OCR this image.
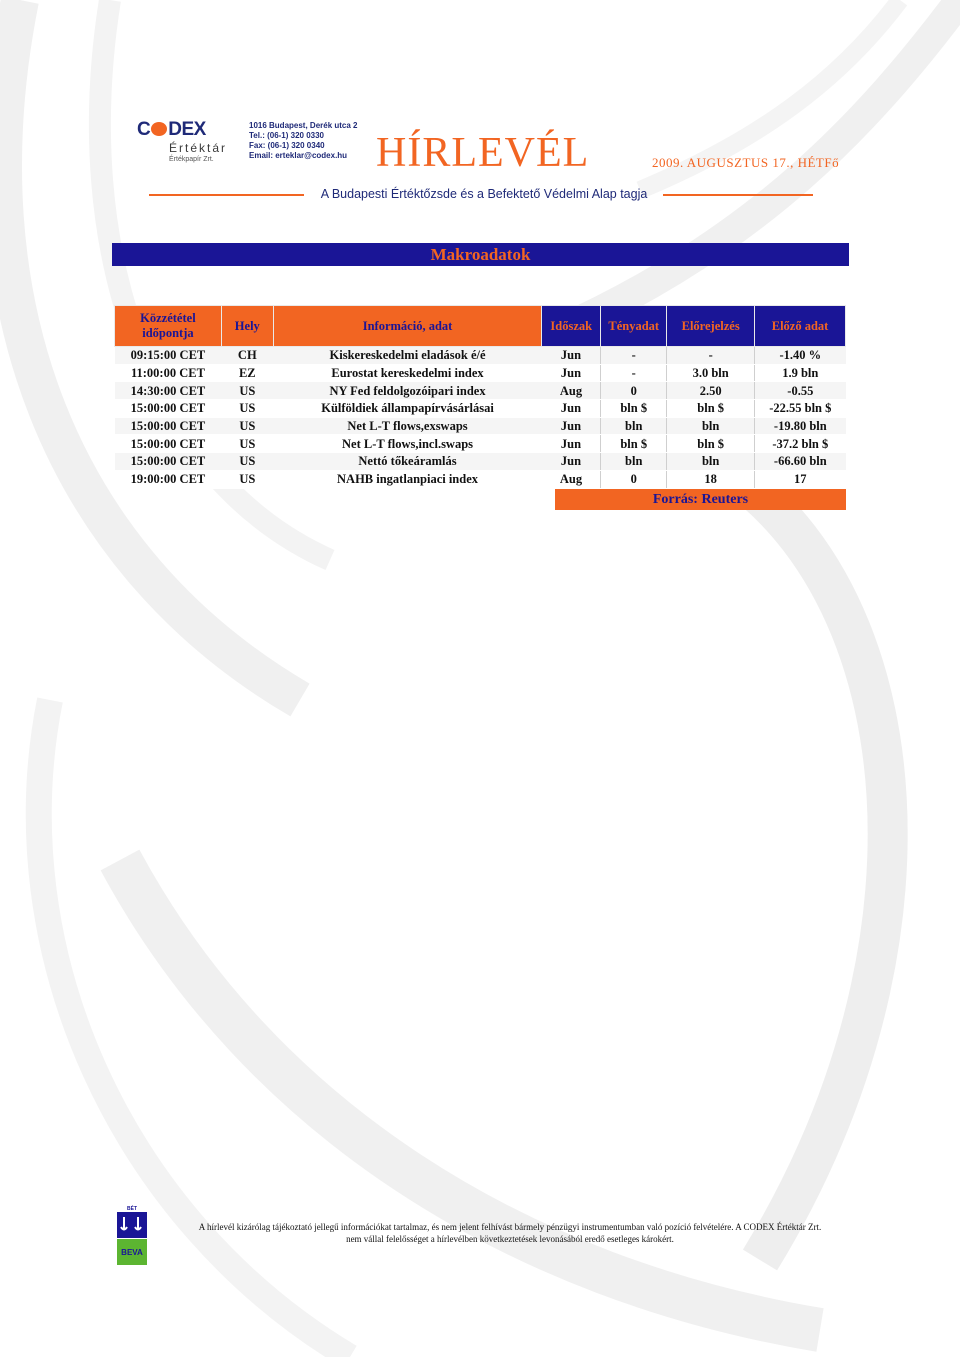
C DEX
Értéktár
Értékpapír Zrt.
1016 Budapest, Derék utca 2
Tel.: (06-1) 320 0330
Fax: (06-1) 320 0340
Email: erteklar@codex.hu HÍRLEVÉL	2009. AUGUSZTUS 17., HÉTFő
A Budapesti Értéktőzsde és a Befektető Védelmi Alap tagja
Makroadatok
Közzététel időpontja	Hely	Információ, adat	Időszak	Tényadat	Előrejelzés	Előző adat
09:15:00 CET	CH	Kiskereskedelmi eladások é/é	Jun	-	-	-1.40 %
11:00:00 CET	EZ	Eurostat kereskedelmi index	Jun	-	3.0 bln	1.9 bln
14:30:00 CET	US	NY Fed feldolgozóipari index	Aug	0	2.50	-0.55
15:00:00 CET	US	Külföldiek állampapírvásárlásai	Jun	bln $	bln $	-22.55 bln $
15:00:00 CET	US	Net L-T flows,exswaps	Jun	bln	bln	-19.80 bln
15:00:00 CET	US	Net L-T flows,incl.swaps	Jun	bln $	bln $	-37.2 bln $
15:00:00 CET	US	Nettó tőkeáramlás	Jun	bln	bln	-66.60 bln
19:00:00 CET	US	NAHB ingatlanpiaci index	Aug	0	18	17
Forrás: Reuters
BÉT
BEVA
A hírlevél kizárólag tájékoztató jellegű információkat tartalmaz, és nem jelent felhívást bármely pénzügyi instrumentumban való pozíció felvételére. A CODEX Értéktár Zrt.
nem vállal felelősséget a hírlevélben következtetések levonásából eredő esetleges károkért.
